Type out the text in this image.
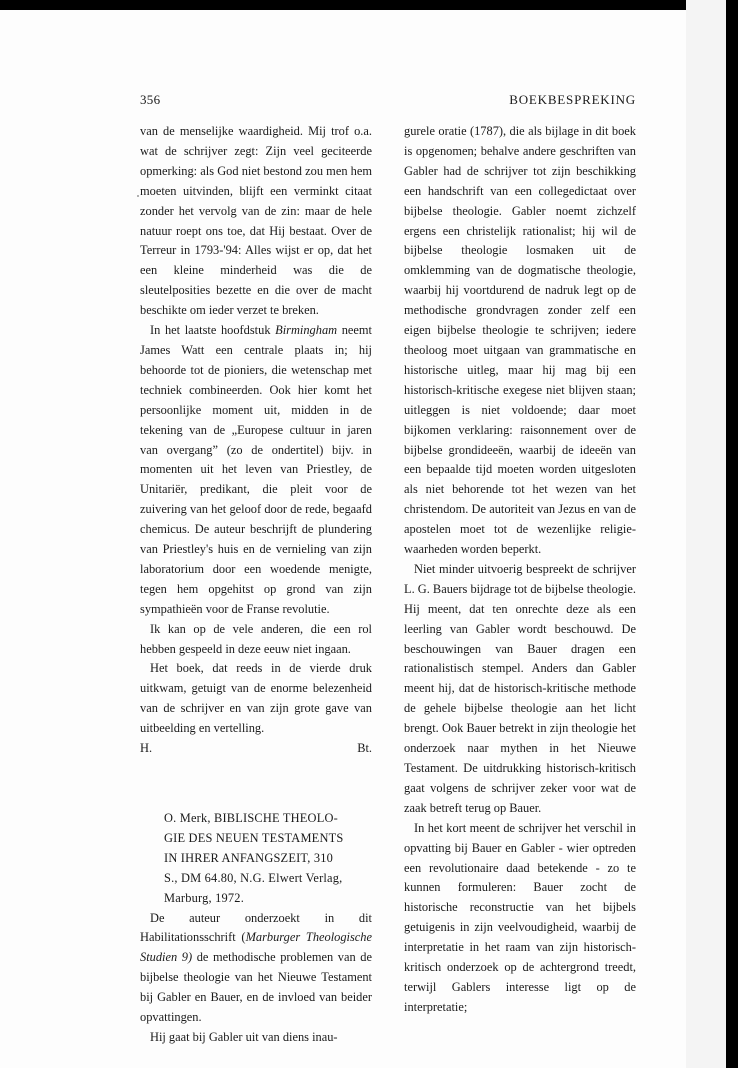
356	BOEKBESPREKING

van de menselijke waardigheid. Mij trof o.a. wat de schrijver zegt: Zijn veel geciteerde opmerking: als God niet bestond zou men hem moeten uitvinden, blijft een verminkt citaat zonder het vervolg van de zin: maar de hele natuur roept ons toe, dat Hij bestaat. Over de Terreur in 1793-'94: Alles wijst er op, dat het een kleine minderheid was die de sleutelposities bezette en die over de macht beschikte om ieder verzet te breken.

In het laatste hoofdstuk Birmingham neemt James Watt een centrale plaats in; hij behoorde tot de pioniers, die wetenschap met techniek combineerden. Ook hier komt het persoonlijke moment uit, midden in de tekening van de „Europese cultuur in jaren van overgang” (zo de ondertitel) bijv. in momenten uit het leven van Priestley, de Unitariër, predikant, die pleit voor de zuivering van het geloof door de rede, begaafd chemicus. De auteur beschrijft de plundering van Priestley's huis en de vernieling van zijn laboratorium door een woedende menigte, tegen hem opgehitst op grond van zijn sympathieën voor de Franse revolutie.

Ik kan op de vele anderen, die een rol hebben gespeeld in deze eeuw niet ingaan.

Het boek, dat reeds in de vierde druk uitkwam, getuigt van de enorme belezenheid van de schrijver en van zijn grote gave van uitbeelding en vertelling.

H.	Bt.

O. Merk, BIBLISCHE THEOLO-
GIE DES NEUEN TESTAMENTS
IN IHRER ANFANGSZEIT, 310
S., DM 64.80, N.G. Elwert Verlag,
Marburg, 1972.

De auteur onderzoekt in dit Habilitationsschrift (Marburger Theologische Studien 9) de methodische problemen van de bijbelse theologie van het Nieuwe Testament bij Gabler en Bauer, en de invloed van beider opvattingen.

Hij gaat bij Gabler uit van diens inau-

gurele oratie (1787), die als bijlage in dit boek is opgenomen; behalve andere geschriften van Gabler had de schrijver tot zijn beschikking een handschrift van een collegedictaat over bijbelse theologie. Gabler noemt zichzelf ergens een christelijk rationalist; hij wil de bijbelse theologie losmaken uit de omklemming van de dogmatische theologie, waarbij hij voortdurend de nadruk legt op de methodische grondvragen zonder zelf een eigen bijbelse theologie te schrijven; iedere theoloog moet uitgaan van grammatische en historische uitleg, maar hij mag bij een historisch-kritische exegese niet blijven staan; uitleggen is niet voldoende; daar moet bijkomen verklaring: raisonnement over de bijbelse grondideeën, waarbij de ideeën van een bepaalde tijd moeten worden uitgesloten als niet behorende tot het wezen van het christendom. De autoriteit van Jezus en van de apostelen moet tot de wezenlijke religie-waarheden worden beperkt.

Niet minder uitvoerig bespreekt de schrijver L. G. Bauers bijdrage tot de bijbelse theologie. Hij meent, dat ten onrechte deze als een leerling van Gabler wordt beschouwd. De beschouwingen van Bauer dragen een rationalistisch stempel. Anders dan Gabler meent hij, dat de historisch-kritische methode de gehele bijbelse theologie aan het licht brengt. Ook Bauer betrekt in zijn theologie het onderzoek naar mythen in het Nieuwe Testament. De uitdrukking historisch-kritisch gaat volgens de schrijver zeker voor wat de zaak betreft terug op Bauer.

In het kort meent de schrijver het verschil in opvatting bij Bauer en Gabler - wier optreden een revolutionaire daad betekende - zo te kunnen formuleren: Bauer zocht de historische reconstructie van het bijbels getuigenis in zijn veelvoudigheid, waarbij de interpretatie in het raam van zijn historisch-kritisch onderzoek op de achtergrond treedt, terwijl Gablers interesse ligt op de interpretatie;
